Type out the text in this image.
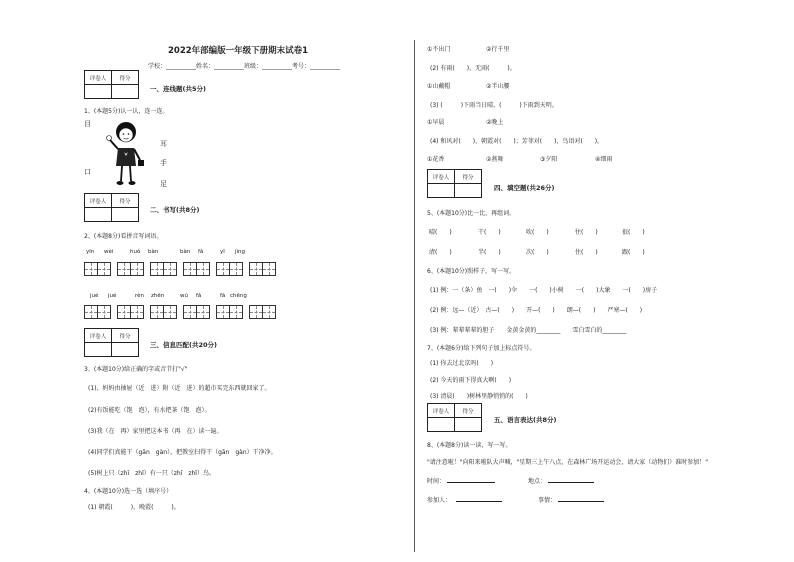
2022年部编版一年级下册期末试卷1
学校：__________姓名：__________班级：__________考号：__________
评卷人	得分

一、连线题(共5分)
1、(本题5分)认一认，连一连。
目
口
耳
手
足
评卷人	得分

二、书写(共8分)
2、(本题8分)看拼音写词语。
yīn wèi	huǒ bàn	bàn fǎ	yī jìng
jué jué	rèn zhēn	wú fǎ	fā chēng
评卷人	得分

三、信息匹配(共20分)
3、(本题10分)给正确的字或音节打"√"
(1)、妈妈由抽屉（近　进）附（近　进）的超市买完东西就回家了。
(2)有饭能吃（饱　泡），有水把茶（饱　泡）。
(3)我（在　再）家里把这本书（再　在）读一遍。
(4)同学们真能干（gān　gàn），把教室扫得干（gān　gàn）干净净。
(5)树上只（zhī　zhǐ）有一只（zhī　zhǐ）鸟。
4、(本题10分)选一选（填序号）
(1) 朝霞(　　　)，晚霞(　　　)。
①不出门	②行千里
(2) 有雨(　　)，无雨(　　　)。
①山戴帽	②半山腰
(3) (　　　)下雨当日晴，(　　　)下雨到天明。
①早晨	②晚上
(4) 和风对(　　)，朝霞对(　　)；芳菲对(　　)，鸟语对(　　)。
①花香	②燕舞	③夕阳	④细雨
评卷人	得分

四、填空题(共26分)
5、(本题10分)比一比，再组词。
晴(　　)	干(　　)	吹(　　)	往(　　)	很(　　)
清(　　)	半(　　)	次(　　)	住(　　)	跟(　　)
6、(本题10分)照样子，写一写。
(1) 例：一（条）鱼　一(　　)伞　　一(　　)小树　　一(　　)大象　　一(　　)房子
(2) 例：远—（近）　古—(　　)　　开—(　　)　　朗—(　　)　　严寒—(　　)
(3) 例：辈辈辈辈的胆子　　金黄金黄的________　　雪白雪白的________
7、(本题6分)给下列句子加上标点符号。
(1) 你去过北京吗(　　)
(2) 今天的雨下得真大啊(　　)
(3) 清晨(　　)树林里静悄悄的(　　)
评卷人	得分

五、语言表达(共8分)
8、(本题8分)读一读，写一写。
"请注意啦！"向阳来啦队大声喊，"星期三上午八点，在森林广场开运动会，请大家（动物们）准时参加！"
时间：	地点：
参加人：	事情：
